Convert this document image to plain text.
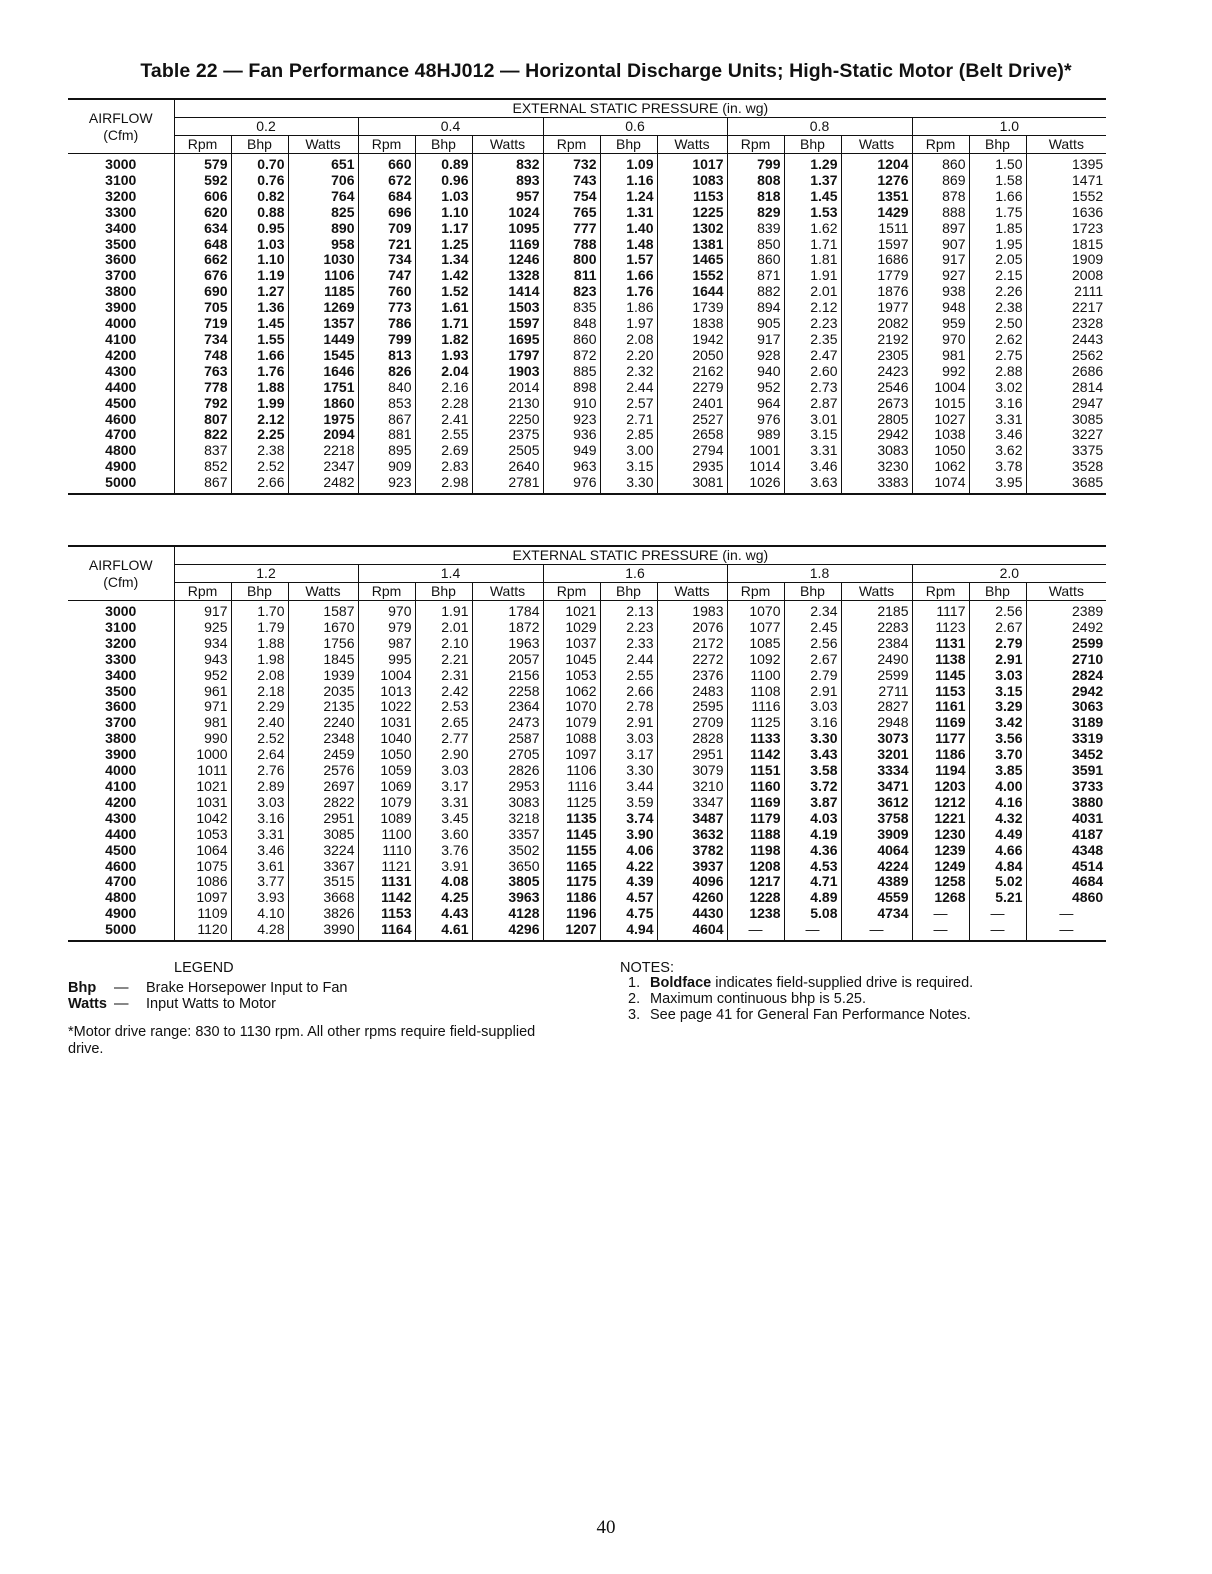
Table 22 — Fan Performance 48HJ012 — Horizontal Discharge Units; High-Static Motor (Belt Drive)*
AIRFLOW
(Cfm)	EXTERNAL STATIC PRESSURE (in. wg)														
	0.2			0.4			0.6			0.8			1.0		
	Rpm	Bhp	Watts	Rpm	Bhp	Watts	Rpm	Bhp	Watts	Rpm	Bhp	Watts	Rpm	Bhp	Watts
3000	579	0.70	651	660	0.89	832	732	1.09	1017	799	1.29	1204	860	1.50	1395
3100	592	0.76	706	672	0.96	893	743	1.16	1083	808	1.37	1276	869	1.58	1471
3200	606	0.82	764	684	1.03	957	754	1.24	1153	818	1.45	1351	878	1.66	1552
3300	620	0.88	825	696	1.10	1024	765	1.31	1225	829	1.53	1429	888	1.75	1636
3400	634	0.95	890	709	1.17	1095	777	1.40	1302	839	1.62	1511	897	1.85	1723
3500	648	1.03	958	721	1.25	1169	788	1.48	1381	850	1.71	1597	907	1.95	1815
3600	662	1.10	1030	734	1.34	1246	800	1.57	1465	860	1.81	1686	917	2.05	1909
3700	676	1.19	1106	747	1.42	1328	811	1.66	1552	871	1.91	1779	927	2.15	2008
3800	690	1.27	1185	760	1.52	1414	823	1.76	1644	882	2.01	1876	938	2.26	2111
3900	705	1.36	1269	773	1.61	1503	835	1.86	1739	894	2.12	1977	948	2.38	2217
4000	719	1.45	1357	786	1.71	1597	848	1.97	1838	905	2.23	2082	959	2.50	2328
4100	734	1.55	1449	799	1.82	1695	860	2.08	1942	917	2.35	2192	970	2.62	2443
4200	748	1.66	1545	813	1.93	1797	872	2.20	2050	928	2.47	2305	981	2.75	2562
4300	763	1.76	1646	826	2.04	1903	885	2.32	2162	940	2.60	2423	992	2.88	2686
4400	778	1.88	1751	840	2.16	2014	898	2.44	2279	952	2.73	2546	1004	3.02	2814
4500	792	1.99	1860	853	2.28	2130	910	2.57	2401	964	2.87	2673	1015	3.16	2947
4600	807	2.12	1975	867	2.41	2250	923	2.71	2527	976	3.01	2805	1027	3.31	3085
4700	822	2.25	2094	881	2.55	2375	936	2.85	2658	989	3.15	2942	1038	3.46	3227
4800	837	2.38	2218	895	2.69	2505	949	3.00	2794	1001	3.31	3083	1050	3.62	3375
4900	852	2.52	2347	909	2.83	2640	963	3.15	2935	1014	3.46	3230	1062	3.78	3528
5000	867	2.66	2482	923	2.98	2781	976	3.30	3081	1026	3.63	3383	1074	3.95	3685
AIRFLOW
(Cfm)	EXTERNAL STATIC PRESSURE (in. wg)														
	1.2			1.4			1.6			1.8			2.0		
	Rpm	Bhp	Watts	Rpm	Bhp	Watts	Rpm	Bhp	Watts	Rpm	Bhp	Watts	Rpm	Bhp	Watts
3000	917	1.70	1587	970	1.91	1784	1021	2.13	1983	1070	2.34	2185	1117	2.56	2389
3100	925	1.79	1670	979	2.01	1872	1029	2.23	2076	1077	2.45	2283	1123	2.67	2492
3200	934	1.88	1756	987	2.10	1963	1037	2.33	2172	1085	2.56	2384	1131	2.79	2599
3300	943	1.98	1845	995	2.21	2057	1045	2.44	2272	1092	2.67	2490	1138	2.91	2710
3400	952	2.08	1939	1004	2.31	2156	1053	2.55	2376	1100	2.79	2599	1145	3.03	2824
3500	961	2.18	2035	1013	2.42	2258	1062	2.66	2483	1108	2.91	2711	1153	3.15	2942
3600	971	2.29	2135	1022	2.53	2364	1070	2.78	2595	1116	3.03	2827	1161	3.29	3063
3700	981	2.40	2240	1031	2.65	2473	1079	2.91	2709	1125	3.16	2948	1169	3.42	3189
3800	990	2.52	2348	1040	2.77	2587	1088	3.03	2828	1133	3.30	3073	1177	3.56	3319
3900	1000	2.64	2459	1050	2.90	2705	1097	3.17	2951	1142	3.43	3201	1186	3.70	3452
4000	1011	2.76	2576	1059	3.03	2826	1106	3.30	3079	1151	3.58	3334	1194	3.85	3591
4100	1021	2.89	2697	1069	3.17	2953	1116	3.44	3210	1160	3.72	3471	1203	4.00	3733
4200	1031	3.03	2822	1079	3.31	3083	1125	3.59	3347	1169	3.87	3612	1212	4.16	3880
4300	1042	3.16	2951	1089	3.45	3218	1135	3.74	3487	1179	4.03	3758	1221	4.32	4031
4400	1053	3.31	3085	1100	3.60	3357	1145	3.90	3632	1188	4.19	3909	1230	4.49	4187
4500	1064	3.46	3224	1110	3.76	3502	1155	4.06	3782	1198	4.36	4064	1239	4.66	4348
4600	1075	3.61	3367	1121	3.91	3650	1165	4.22	3937	1208	4.53	4224	1249	4.84	4514
4700	1086	3.77	3515	1131	4.08	3805	1175	4.39	4096	1217	4.71	4389	1258	5.02	4684
4800	1097	3.93	3668	1142	4.25	3963	1186	4.57	4260	1228	4.89	4559	1268	5.21	4860
4900	1109	4.10	3826	1153	4.43	4128	1196	4.75	4430	1238	5.08	4734	—	—	—
5000	1120	4.28	3990	1164	4.61	4296	1207	4.94	4604	—	—	—	—	—	—
LEGEND
Bhp — Brake Horsepower Input to Fan
Watts — Input Watts to Motor
*Motor drive range: 830 to 1130 rpm. All other rpms require field-supplied drive.
NOTES:
1. Boldface indicates field-supplied drive is required.
2. Maximum continuous bhp is 5.25.
3. See page 41 for General Fan Performance Notes.
40
